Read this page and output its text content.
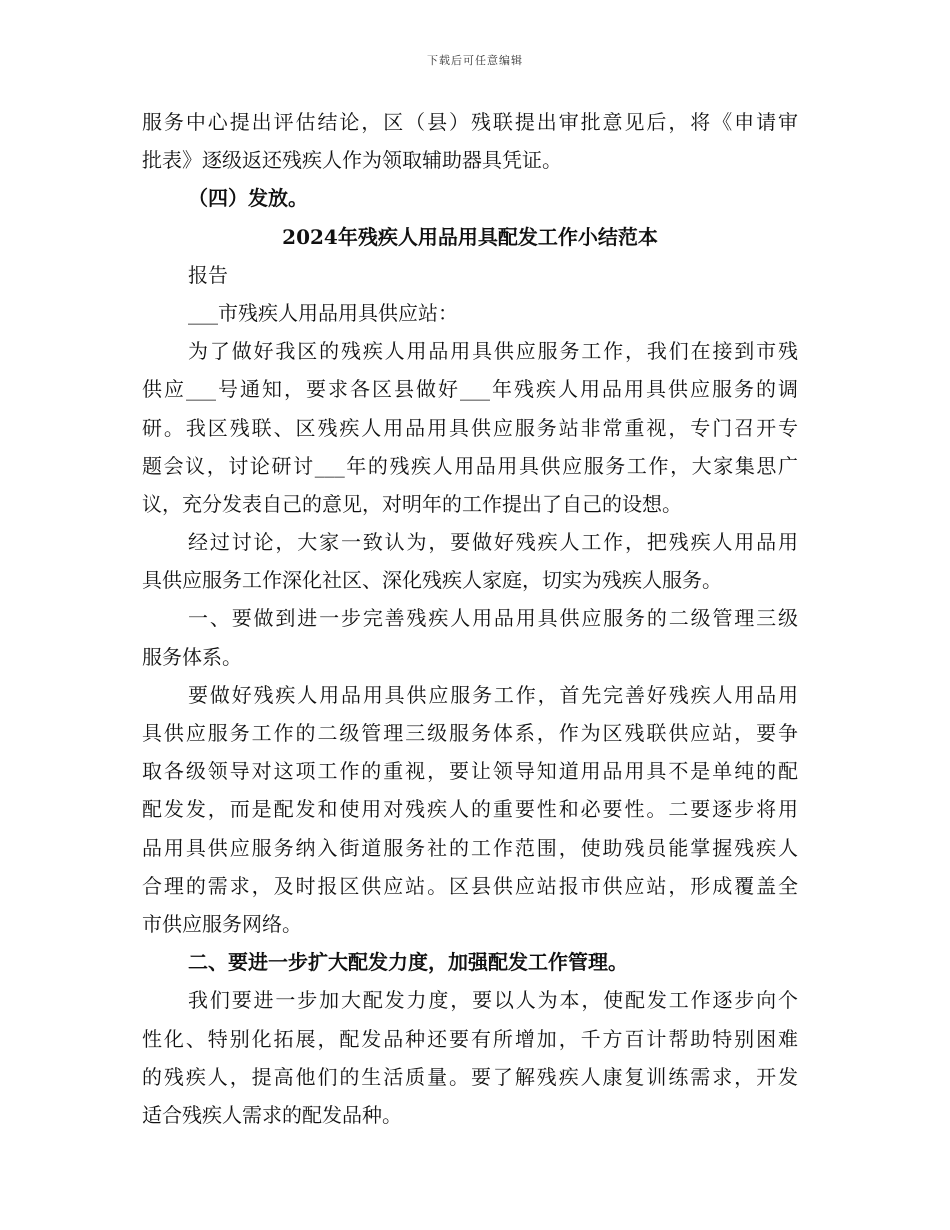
下载后可任意编辑
服务中心提出评估结论，区（县）残联提出审批意见后，将《申请审
批表》逐级返还残疾人作为领取辅助器具凭证。
（四）发放。
2024年残疾人用品用具配发工作小结范本
报告
___市残疾人用品用具供应站：
为了做好我区的残疾人用品用具供应服务工作，我们在接到市残
供应___号通知，要求各区县做好___年残疾人用品用具供应服务的调
研。我区残联、区残疾人用品用具供应服务站非常重视，专门召开专
题会议，讨论研讨___年的残疾人用品用具供应服务工作，大家集思广
议，充分发表自己的意见，对明年的工作提出了自己的设想。
经过讨论，大家一致认为，要做好残疾人工作，把残疾人用品用
具供应服务工作深化社区、深化残疾人家庭，切实为残疾人服务。
一、要做到进一步完善残疾人用品用具供应服务的二级管理三级
服务体系。
要做好残疾人用品用具供应服务工作，首先完善好残疾人用品用
具供应服务工作的二级管理三级服务体系，作为区残联供应站，要争
取各级领导对这项工作的重视，要让领导知道用品用具不是单纯的配
配发发，而是配发和使用对残疾人的重要性和必要性。二要逐步将用
品用具供应服务纳入街道服务社的工作范围，使助残员能掌握残疾人
合理的需求，及时报区供应站。区县供应站报市供应站，形成覆盖全
市供应服务网络。
二、要进一步扩大配发力度，加强配发工作管理。
我们要进一步加大配发力度，要以人为本，使配发工作逐步向个
性化、特别化拓展，配发品种还要有所增加，千方百计帮助特别困难
的残疾人，提高他们的生活质量。要了解残疾人康复训练需求，开发
适合残疾人需求的配发品种。
